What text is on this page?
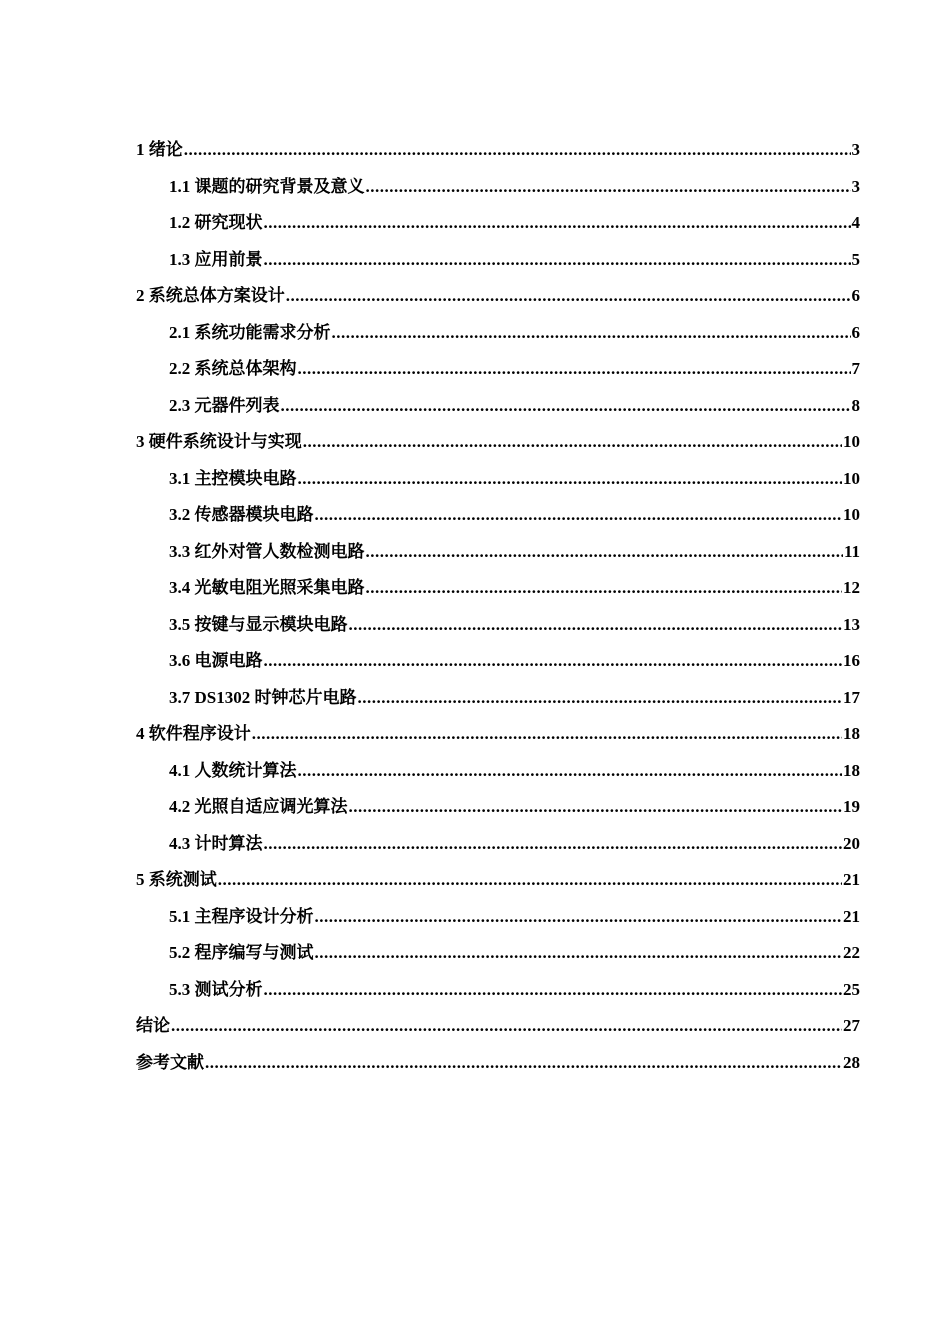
1 绪论 .....	3
1.1 课题的研究背景及意义 .....	3
1.2 研究现状 .....	4
1.3 应用前景 .....	5
2 系统总体方案设计 .....	6
2.1 系统功能需求分析 .....	6
2.2 系统总体架构 .....	7
2.3 元器件列表 .....	8
3 硬件系统设计与实现 .....	10
3.1 主控模块电路 .....	10
3.2 传感器模块电路 .....	10
3.3 红外对管人数检测电路 .....	11
3.4 光敏电阻光照采集电路 .....	12
3.5 按键与显示模块电路 .....	13
3.6 电源电路 .....	16
3.7 DS1302 时钟芯片电路 .....	17
4 软件程序设计 .....	18
4.1 人数统计算法 .....	18
4.2 光照自适应调光算法 .....	19
4.3 计时算法 .....	20
5 系统测试 .....	21
5.1 主程序设计分析 .....	21
5.2 程序编写与测试 .....	22
5.3 测试分析 .....	25
结论 .....	27
参考文献 .....	28
